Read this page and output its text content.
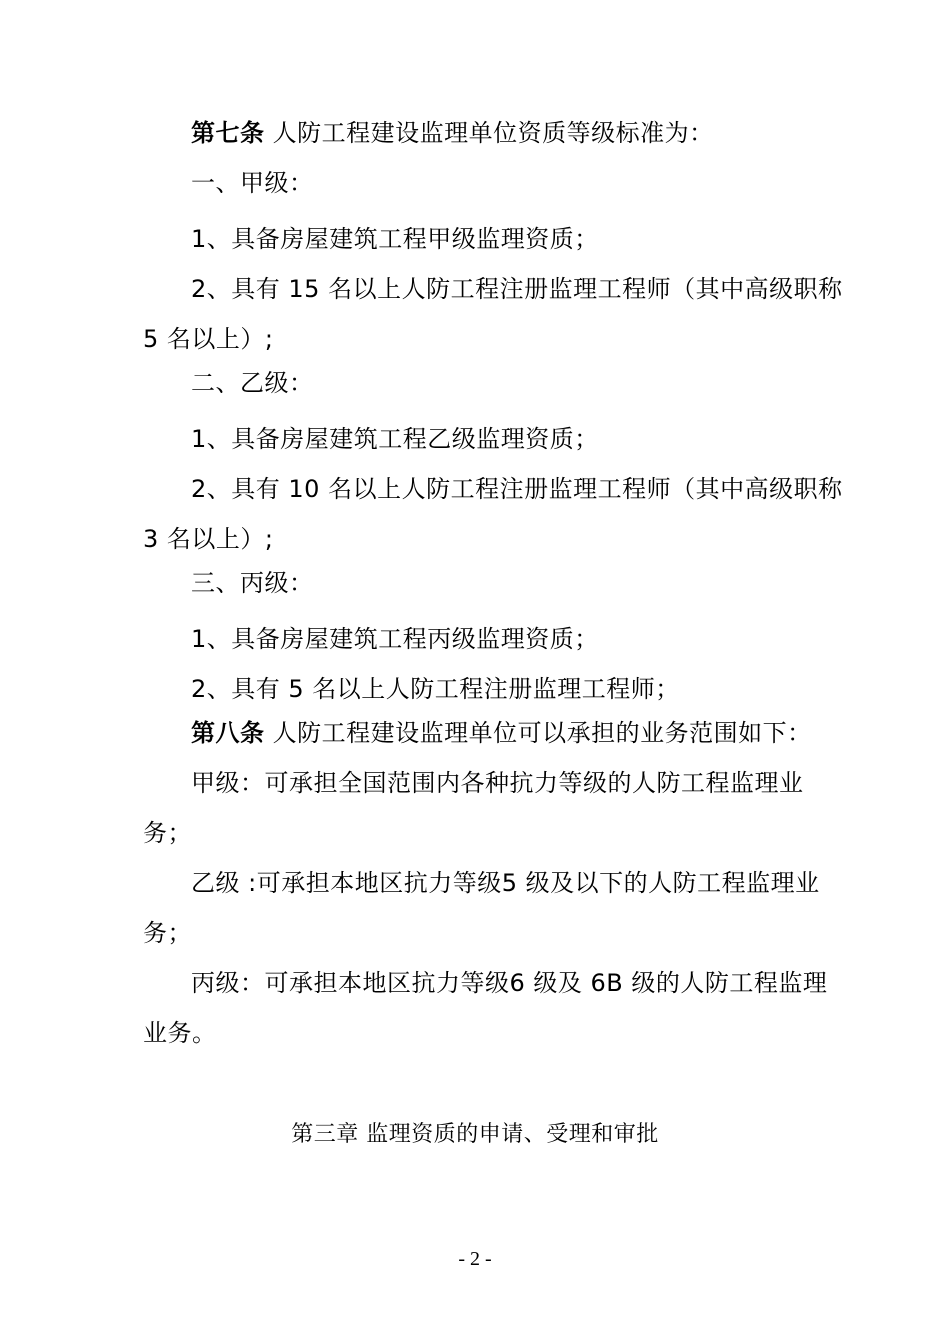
第七条 人防工程建设监理单位资质等级标准为：
一、甲级：
1、具备房屋建筑工程甲级监理资质；
2、具有 15 名以上人防工程注册监理工程师（其中高级职称
5 名以上）;
二、乙级：
1、具备房屋建筑工程乙级监理资质；
2、具有 10 名以上人防工程注册监理工程师（其中高级职称
3 名以上）;
三、丙级：
1、具备房屋建筑工程丙级监理资质；
2、具有 5 名以上人防工程注册监理工程师；
第八条 人防工程建设监理单位可以承担的业务范围如下：
甲级：可承担全国范围内各种抗力等级的人防工程监理业
务；
乙级 :可承担本地区抗力等级5 级及以下的人防工程监理业
务；
丙级：可承担本地区抗力等级6 级及 6B 级的人防工程监理
业务。
第三章 监理资质的申请、受理和审批
- 2 -
